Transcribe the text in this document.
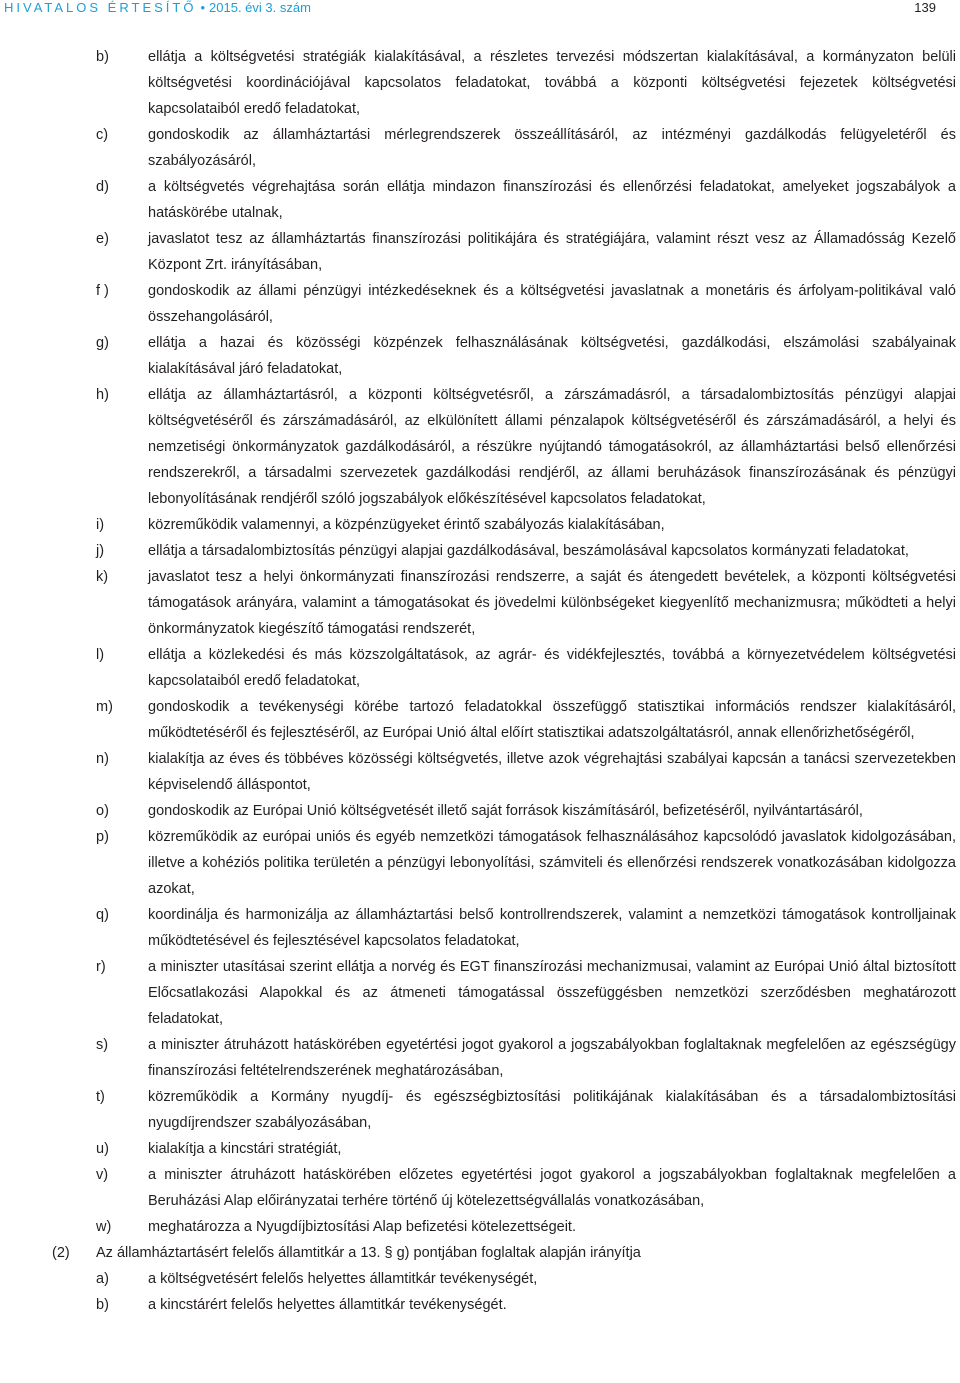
HIVATALOS ÉRTESÍTŐ • 2015. évi 3. szám	139
b)	ellátja a költségvetési stratégiák kialakításával, a részletes tervezési módszertan kialakításával, a kormányzaton belüli költségvetési koordinációjával kapcsolatos feladatokat, továbbá a központi költségvetési fejezetek költségvetési kapcsolataiból eredő feladatokat,
c)	gondoskodik az államháztartási mérlegrendszerek összeállításáról, az intézményi gazdálkodás felügyeletéről és szabályozásáról,
d)	a költségvetés végrehajtása során ellátja mindazon finanszírozási és ellenőrzési feladatokat, amelyeket jogszabályok a hatáskörébe utalnak,
e)	javaslatot tesz az államháztartás finanszírozási politikájára és stratégiájára, valamint részt vesz az Államadósság Kezelő Központ Zrt. irányításában,
f )	gondoskodik az állami pénzügyi intézkedéseknek és a költségvetési javaslatnak a monetáris és árfolyam-politikával való összehangolásáról,
g)	ellátja a hazai és közösségi közpénzek felhasználásának költségvetési, gazdálkodási, elszámolási szabályainak kialakításával járó feladatokat,
h)	ellátja az államháztartásról, a központi költségvetésről, a zárszámadásról, a társadalombiztosítás pénzügyi alapjai költségvetéséről és zárszámadásáról, az elkülönített állami pénzalapok költségvetéséről és zárszámadásáról, a helyi és nemzetiségi önkormányzatok gazdálkodásáról, a részükre nyújtandó támogatásokról, az államháztartási belső ellenőrzési rendszerekről, a társadalmi szervezetek gazdálkodási rendjéről, az állami beruházások finanszírozásának és pénzügyi lebonyolításának rendjéről szóló jogszabályok előkészítésével kapcsolatos feladatokat,
i)	közreműködik valamennyi, a közpénzügyeket érintő szabályozás kialakításában,
j)	ellátja a társadalombiztosítás pénzügyi alapjai gazdálkodásával, beszámolásával kapcsolatos kormányzati feladatokat,
k)	javaslatot tesz a helyi önkormányzati finanszírozási rendszerre, a saját és átengedett bevételek, a központi költségvetési támogatások arányára, valamint a támogatásokat és jövedelmi különbségeket kiegyenlítő mechanizmusra; működteti a helyi önkormányzatok kiegészítő támogatási rendszerét,
l)	ellátja a közlekedési és más közszolgáltatások, az agrár- és vidékfejlesztés, továbbá a környezetvédelem költségvetési kapcsolataiból eredő feladatokat,
m) gondoskodik a tevékenységi körébe tartozó feladatokkal összefüggő statisztikai információs rendszer kialakításáról, működtetéséről és fejlesztéséről, az Európai Unió által előírt statisztikai adatszolgáltatásról, annak ellenőrizhetőségéről,
n)	kialakítja az éves és többéves közösségi költségvetés, illetve azok végrehajtási szabályai kapcsán a tanácsi szervezetekben képviselendő álláspontot,
o)	gondoskodik az Európai Unió költségvetését illető saját források kiszámításáról, befizetéséről, nyilvántartásáról,
p)	közreműködik az európai uniós és egyéb nemzetközi támogatások felhasználásához kapcsolódó javaslatok kidolgozásában, illetve a kohéziós politika területén a pénzügyi lebonyolítási, számviteli és ellenőrzési rendszerek vonatkozásában kidolgozza azokat,
q)	koordinálja és harmonizálja az államháztartási belső kontrollrendszerek, valamint a nemzetközi támogatások kontrolljainak működtetésével és fejlesztésével kapcsolatos feladatokat,
r)	a miniszter utasításai szerint ellátja a norvég és EGT finanszírozási mechanizmusai, valamint az Európai Unió által biztosított Előcsatlakozási Alapokkal és az átmeneti támogatással összefüggésben nemzetközi szerződésben meghatározott feladatokat,
s)	a miniszter átruházott hatáskörében egyetértési jogot gyakorol a jogszabályokban foglaltaknak megfelelően az egészségügy finanszírozási feltételrendszerének meghatározásában,
t)	közreműködik a Kormány nyugdíj- és egészségbiztosítási politikájának kialakításában és a társadalombiztosítási nyugdíjrendszer szabályozásában,
u)	kialakítja a kincstári stratégiát,
v)	a miniszter átruházott hatáskörében előzetes egyetértési jogot gyakorol a jogszabályokban foglaltaknak megfelelően a Beruházási Alap előirányzatai terhére történő új kötelezettségvállalás vonatkozásában,
w)	meghatározza a Nyugdíjbiztosítási Alap befizetési kötelezettségeit.
(2) Az államháztartásért felelős államtitkár a 13. § g) pontjában foglaltak alapján irányítja
a)	a költségvetésért felelős helyettes államtitkár tevékenységét,
b)	a kincstárért felelős helyettes államtitkár tevékenységét.
